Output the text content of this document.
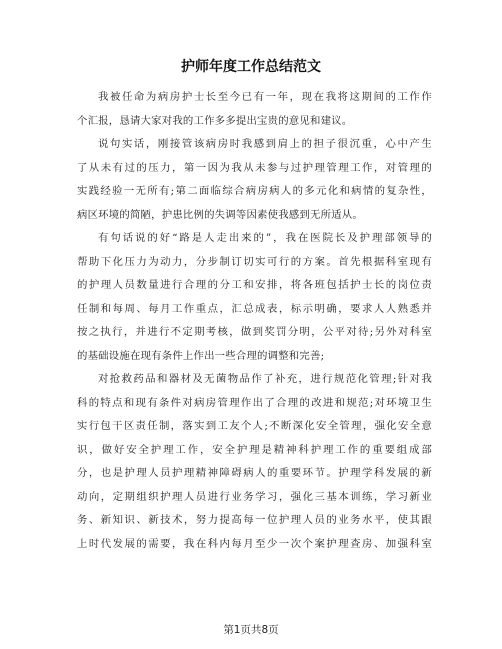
护师年度工作总结范文

我被任命为病房护士长至今已有一年，现在我将这期间的工作作

个汇报，恳请大家对我的工作多多提出宝贵的意见和建议。

说句实话，刚接管该病房时我感到肩上的担子很沉重，心中产生

了从未有过的压力，第一因为我从未参与过护理管理工作，对管理的

实践经验一无所有;第二面临综合病房病人的多元化和病情的复杂性，

病区环境的简陋，护患比例的失调等因素使我感到无所适从。

有句话说的好“路是人走出来的”，我在医院长及护理部领导的

帮助下化压力为动力，分步制订切实可行的方案。首先根据科室现有

的护理人员数量进行合理的分工和安排，将各班包括护士长的岗位责

任制和每周、每月工作重点，汇总成表，标示明确，要求人人熟悉并

按之执行，并进行不定期考核，做到奖罚分明，公平对待;另外对科室

的基础设施在现有条件上作出一些合理的调整和完善;

对抢救药品和器材及无菌物品作了补充，进行规范化管理;针对我

科的特点和现有条件对病房管理作出了合理的改进和规范;对环境卫生

实行包干区责任制，落实到工友个人;不断深化安全管理，强化安全意

识，做好安全护理工作，安全护理是精神科护理工作的重要组成部

分，也是护理人员护理精神障碍病人的重要环节。护理学科发展的新

动向，定期组织护理人员进行业务学习，强化三基本训练，学习新业

务、新知识、新技术，努力提高每一位护理人员的业务水平，使其跟

上时代发展的需要，我在科内每月至少一次个案护理查房、加强科室

第1页共8页
